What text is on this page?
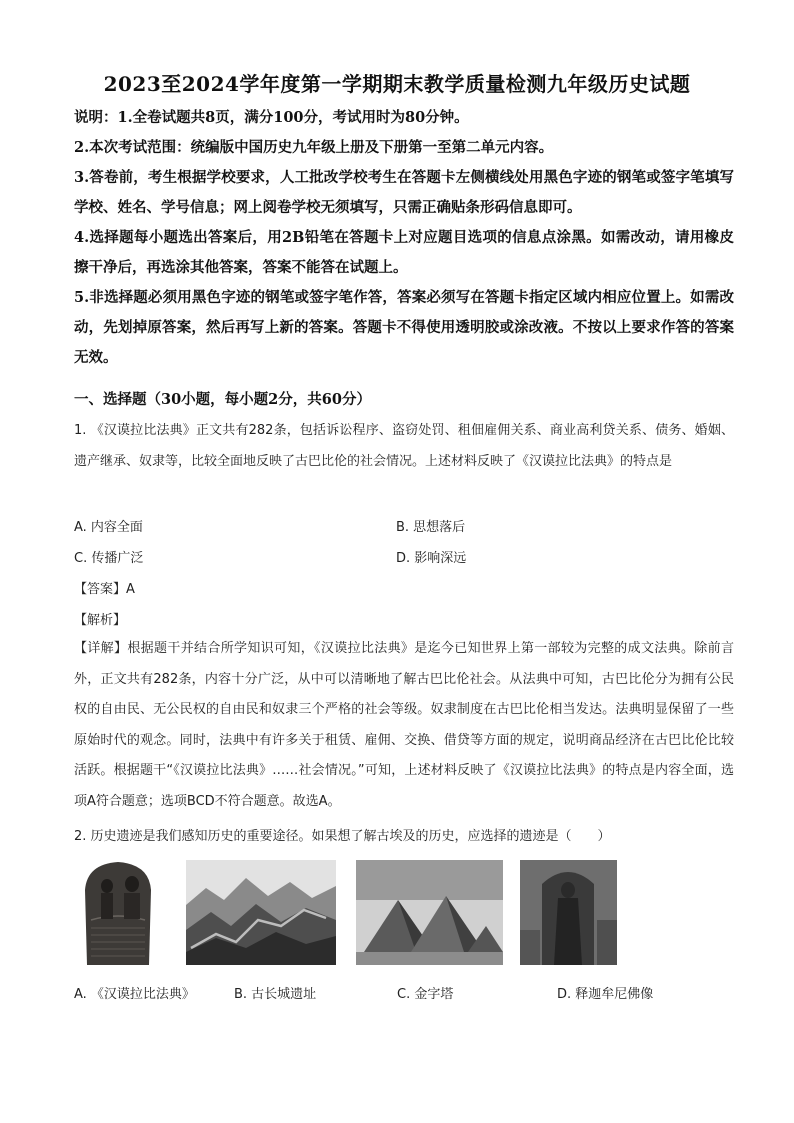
2023至2024学年度第一学期期末教学质量检测九年级历史试题

说明：1.全卷试题共8页，满分100分，考试用时为80分钟。

2.本次考试范围：统编版中国历史九年级上册及下册第一至第二单元内容。

3.答卷前，考生根据学校要求，人工批改学校考生在答题卡左侧横线处用黑色字迹的钢笔或签字笔填写学校、姓名、学号信息；网上阅卷学校无须填写，只需正确贴条形码信息即可。

4.选择题每小题选出答案后，用2B铅笔在答题卡上对应题目选项的信息点涂黑。如需改动，请用橡皮擦干净后，再选涂其他答案，答案不能答在试题上。

5.非选择题必须用黑色字迹的钢笔或签字笔作答，答案必须写在答题卡指定区域内相应位置上。如需改动，先划掉原答案，然后再写上新的答案。答题卡不得使用透明胶或涂改液。不按以上要求作答的答案无效。

一、选择题（30小题，每小题2分，共60分）

1. 《汉谟拉比法典》正文共有282条，包括诉讼程序、盗窃处罚、租佃雇佣关系、商业高利贷关系、债务、婚姻、遗产继承、奴隶等，比较全面地反映了古巴比伦的社会情况。上述材料反映了《汉谟拉比法典》的特点是

A. 内容全面	B. 思想落后
C. 传播广泛	D. 影响深远
【答案】A
【解析】

【详解】根据题干并结合所学知识可知，《汉谟拉比法典》是迄今已知世界上第一部较为完整的成文法典。除前言外，正文共有282条，内容十分广泛，从中可以清晰地了解古巴比伦社会。从法典中可知，古巴比伦分为拥有公民权的自由民、无公民权的自由民和奴隶三个严格的社会等级。奴隶制度在古巴比伦相当发达。法典明显保留了一些原始时代的观念。同时，法典中有许多关于租赁、雇佣、交换、借贷等方面的规定，说明商品经济在古巴比伦比较活跃。根据题干“《汉谟拉比法典》……社会情况。”可知，上述材料反映了《汉谟拉比法典》的特点是内容全面，选项A符合题意；选项BCD不符合题意。故选A。

2. 历史遗迹是我们感知历史的重要途径。如果想了解古埃及的历史，应选择的遗迹是（　　）

A. 《汉谟拉比法典》	B. 古长城遗址	C. 金字塔	D. 释迦牟尼佛像
